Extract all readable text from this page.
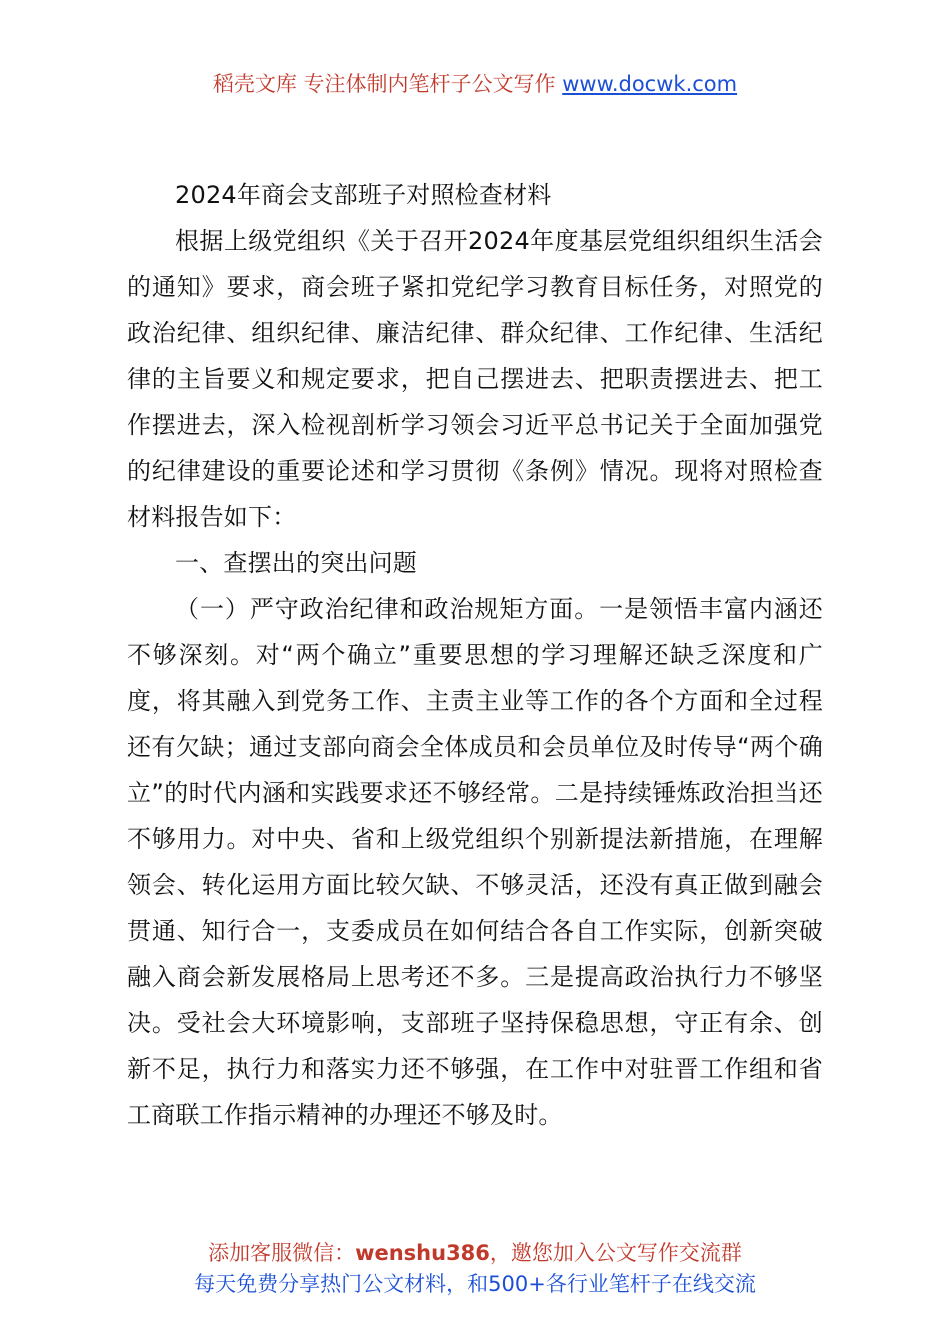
稻壳文库 专注体制内笔杆子公文写作 www.docwk.com

2024年商会支部班子对照检查材料

根据上级党组织《关于召开2024年度基层党组织组织生活会的通知》要求，商会班子紧扣党纪学习教育目标任务，对照党的政治纪律、组织纪律、廉洁纪律、群众纪律、工作纪律、生活纪律的主旨要义和规定要求，把自己摆进去、把职责摆进去、把工作摆进去，深入检视剖析学习领会习近平总书记关于全面加强党的纪律建设的重要论述和学习贯彻《条例》情况。现将对照检查材料报告如下：

一、查摆出的突出问题

（一）严守政治纪律和政治规矩方面。一是领悟丰富内涵还不够深刻。对“两个确立”重要思想的学习理解还缺乏深度和广度，将其融入到党务工作、主责主业等工作的各个方面和全过程还有欠缺；通过支部向商会全体成员和会员单位及时传导“两个确立”的时代内涵和实践要求还不够经常。二是持续锤炼政治担当还不够用力。对中央、省和上级党组织个别新提法新措施，在理解领会、转化运用方面比较欠缺、不够灵活，还没有真正做到融会贯通、知行合一，支委成员在如何结合各自工作实际，创新突破融入商会新发展格局上思考还不多。三是提高政治执行力不够坚决。受社会大环境影响，支部班子坚持保稳思想，守正有余、创新不足，执行力和落实力还不够强，在工作中对驻晋工作组和省工商联工作指示精神的办理还不够及时。

添加客服微信：wenshu386，邀您加入公文写作交流群
每天免费分享热门公文材料，和500+各行业笔杆子在线交流
